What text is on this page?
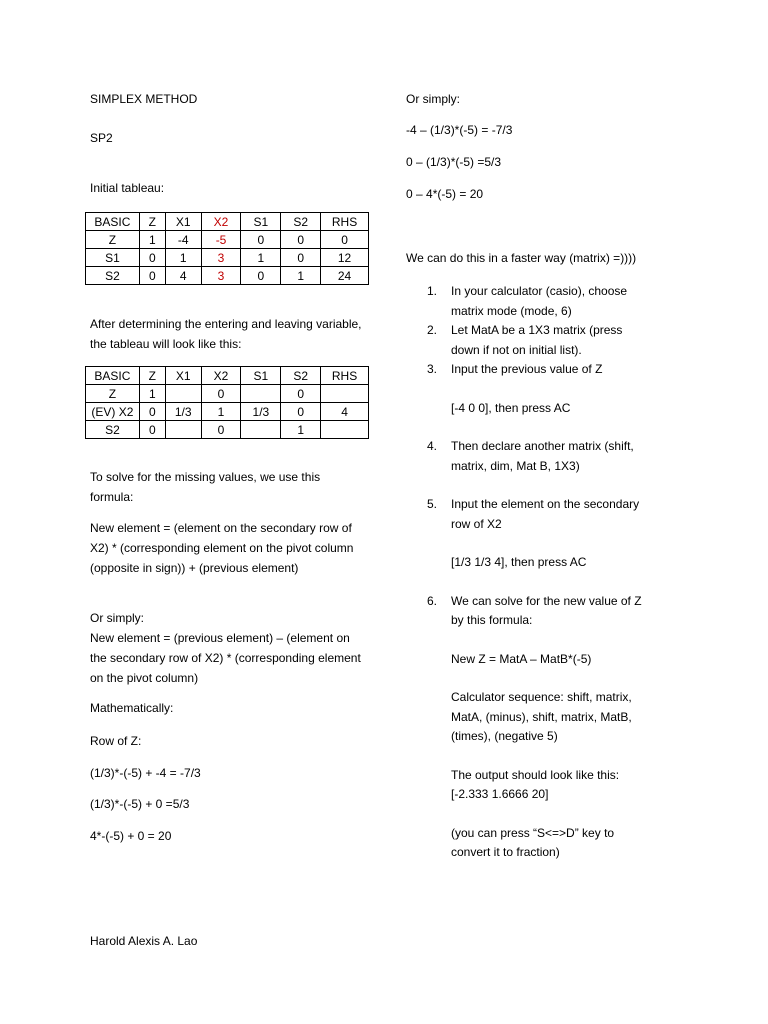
SIMPLEX METHOD
SP2
Initial tableau:
BASIC	Z	X1	X2	S1	S2	RHS
Z	1	-4	-5	0	0	0
S1	0	1	3	1	0	12
S2	0	4	3	0	1	24
After determining the entering and leaving variable, the tableau will look like this:
BASIC	Z	X1	X2	S1	S2	RHS
Z	1		0		0	
(EV) X2	0	1/3	1	1/3	0	4
S2	0		0		1	
To solve for the missing values, we use this formula:
New element = (element on the secondary row of X2) * (corresponding element on the pivot column (opposite in sign)) + (previous element)
Or simply:
New element = (previous element) – (element on the secondary row of X2) * (corresponding element on the pivot column)
Mathematically:
Row of Z:
(1/3)*-(-5) + -4 = -7/3
(1/3)*-(-5) + 0 =5/3
4*-(-5) + 0 = 20
Harold Alexis A. Lao
Or simply:
-4 – (1/3)*(-5) = -7/3
0 – (1/3)*(-5) =5/3
0 – 4*(-5) = 20
We can do this in a faster way (matrix) =))))
1. In your calculator (casio), choose matrix mode (mode, 6)
2. Let MatA be a 1X3 matrix (press down if not on initial list).
3. Input the previous value of Z
[-4 0 0], then press AC
4. Then declare another matrix (shift, matrix, dim, Mat B, 1X3)
5. Input the element on the secondary row of X2
[1/3 1/3 4], then press AC
6. We can solve for the new value of Z by this formula:
New Z = MatA – MatB*(-5)
Calculator sequence: shift, matrix, MatA, (minus), shift, matrix, MatB, (times), (negative 5)
The output should look like this: [-2.333 1.6666 20]
(you can press “S<=>D” key to convert it to fraction)
